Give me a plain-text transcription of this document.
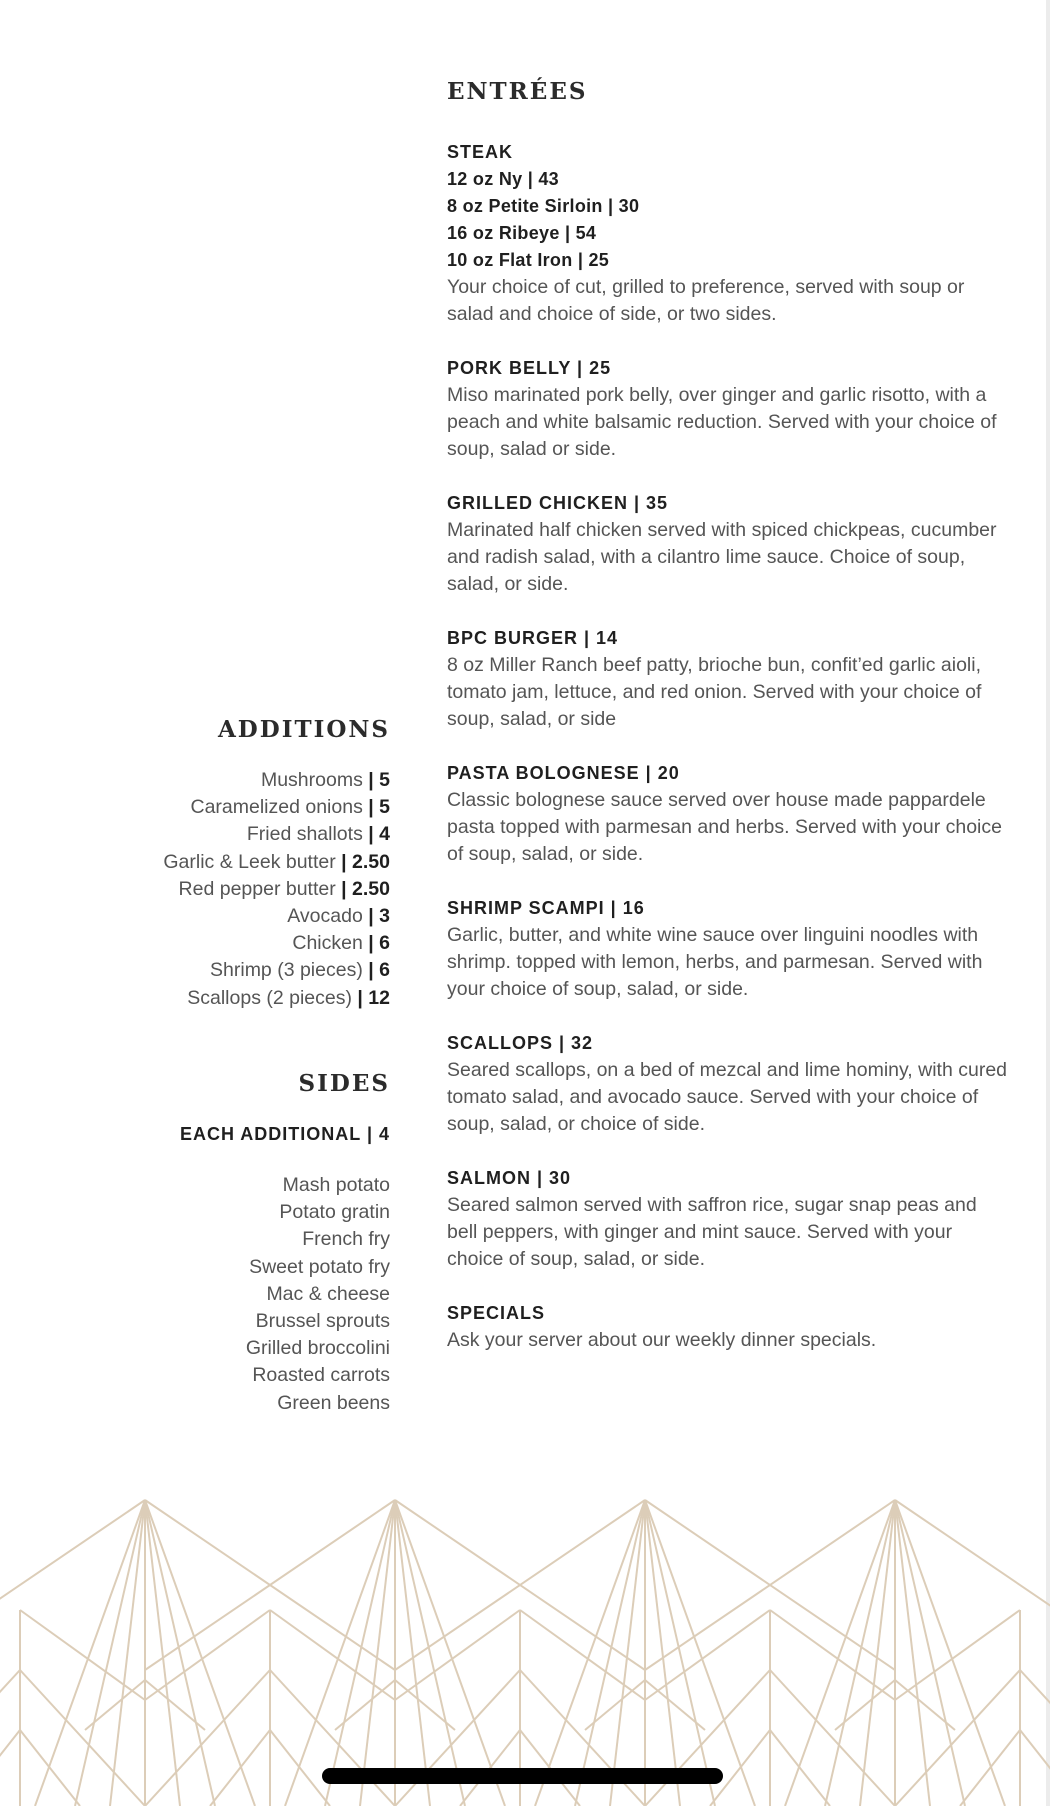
ENTRÉES
STEAK
12 oz Ny | 43
8 oz Petite Sirloin | 30
16 oz Ribeye | 54
10 oz Flat Iron | 25
Your choice of cut, grilled to preference, served with soup or salad and choice of side, or two sides.
PORK BELLY | 25
Miso marinated pork belly, over ginger and garlic risotto, with a peach and white balsamic reduction. Served with your choice of soup, salad or side.
GRILLED CHICKEN | 35
Marinated half chicken served with spiced chickpeas, cucumber and radish salad, with a cilantro lime sauce. Choice of soup, salad, or side.
BPC BURGER | 14
8 oz Miller Ranch beef patty, brioche bun, confit’ed garlic aioli, tomato jam, lettuce, and red onion. Served with your choice of soup, salad, or side
PASTA BOLOGNESE | 20
Classic bolognese sauce served over house made pappardele pasta topped with parmesan and herbs. Served with your choice of soup, salad, or side.
SHRIMP SCAMPI | 16
Garlic, butter, and white wine sauce over linguini noodles with shrimp. topped with lemon, herbs, and parmesan. Served with your choice of soup, salad, or side.
SCALLOPS | 32
Seared scallops, on a bed of mezcal and lime hominy, with cured tomato salad, and avocado sauce. Served with your choice of soup, salad, or choice of side.
SALMON | 30
Seared salmon served with saffron rice, sugar snap peas and bell peppers, with ginger and mint sauce. Served with your choice of soup, salad, or side.
SPECIALS
Ask your server about our weekly dinner specials.
ADDITIONS
Mushrooms | 5
Caramelized onions | 5
Fried shallots | 4
Garlic & Leek butter | 2.50
Red pepper butter | 2.50
Avocado | 3
Chicken | 6
Shrimp (3 pieces) | 6
Scallops (2 pieces) | 12
SIDES
EACH ADDITIONAL | 4
Mash potato
Potato gratin
French fry
Sweet potato fry
Mac & cheese
Brussel sprouts
Grilled broccolini
Roasted carrots
Green beens
